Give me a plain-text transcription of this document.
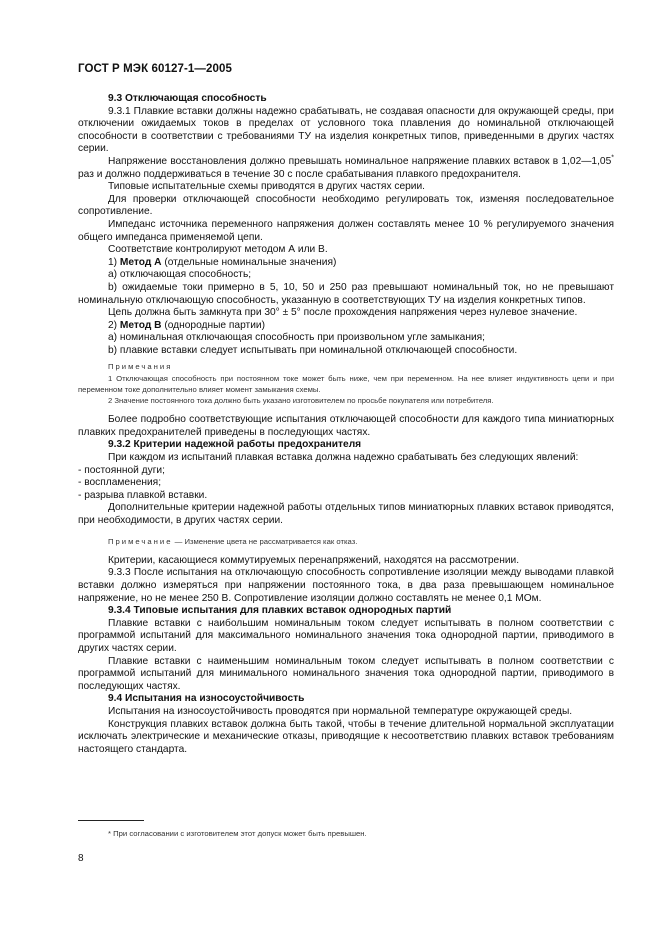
ГОСТ Р МЭК 60127-1—2005

9.3 Отключающая способность

9.3.1 Плавкие вставки должны надежно срабатывать, не создавая опасности для окружающей среды, при отключении ожидаемых токов в пределах от условного тока плавления до номинальной отключающей способности в соответствии с требованиями ТУ на изделия конкретных типов, приведенными в других частях серии.

Напряжение восстановления должно превышать номинальное напряжение плавких вставок в 1,02—1,05* раз и должно поддерживаться в течение 30 с после срабатывания плавкого предохранителя.

Типовые испытательные схемы приводятся в других частях серии.

Для проверки отключающей способности необходимо регулировать ток, изменяя последовательное сопротивление.

Импеданс источника переменного напряжения должен составлять менее 10 % регулируемого значения общего импеданса применяемой цепи.

Соответствие контролируют методом А или В.

1) Метод А (отдельные номинальные значения)

a) отключающая способность;

b) ожидаемые токи примерно в 5, 10, 50 и 250 раз превышают номинальный ток, но не превышают номинальную отключающую способность, указанную в соответствующих ТУ на изделия конкретных типов.

Цепь должна быть замкнута при 30° ± 5° после прохождения напряжения через нулевое значение.

2) Метод В (однородные партии)

a) номинальная отключающая способность при произвольном угле замыкания;

b) плавкие вставки следует испытывать при номинальной отключающей способности.

Примечания

1 Отключающая способность при постоянном токе может быть ниже, чем при переменном. На нее влияет индуктивность цепи и при переменном токе дополнительно влияет момент замыкания схемы.

2 Значение постоянного тока должно быть указано изготовителем по просьбе покупателя или потребителя.

Более подробно соответствующие испытания отключающей способности для каждого типа миниатюрных плавких предохранителей приведены в последующих частях.

9.3.2 Критерии надежной работы предохранителя

При каждом из испытаний плавкая вставка должна надежно срабатывать без следующих явлений:

- постоянной дуги;

- воспламенения;

- разрыва плавкой вставки.

Дополнительные критерии надежной работы отдельных типов миниатюрных плавких вставок приводятся, при необходимости, в других частях серии.

Примечание — Изменение цвета не рассматривается как отказ.

Критерии, касающиеся коммутируемых перенапряжений, находятся на рассмотрении.

9.3.3 После испытания на отключающую способность сопротивление изоляции между выводами плавкой вставки должно измеряться при напряжении постоянного тока, в два раза превышающем номинальное напряжение, но не менее 250 В. Сопротивление изоляции должно составлять не менее 0,1 МОм.

9.3.4 Типовые испытания для плавких вставок однородных партий

Плавкие вставки с наибольшим номинальным током следует испытывать в полном соответствии с программой испытаний для максимального номинального значения тока однородной партии, приводимого в других частях серии.

Плавкие вставки с наименьшим номинальным током следует испытывать в полном соответствии с программой испытаний для минимального номинального значения тока однородной партии, приводимого в последующих частях.

9.4 Испытания на износоустойчивость

Испытания на износоустойчивость проводятся при нормальной температуре окружающей среды.

Конструкция плавких вставок должна быть такой, чтобы в течение длительной нормальной эксплуатации исключать электрические и механические отказы, приводящие к несоответствию плавких вставок требованиям настоящего стандарта.

* При согласовании с изготовителем этот допуск может быть превышен.
8
